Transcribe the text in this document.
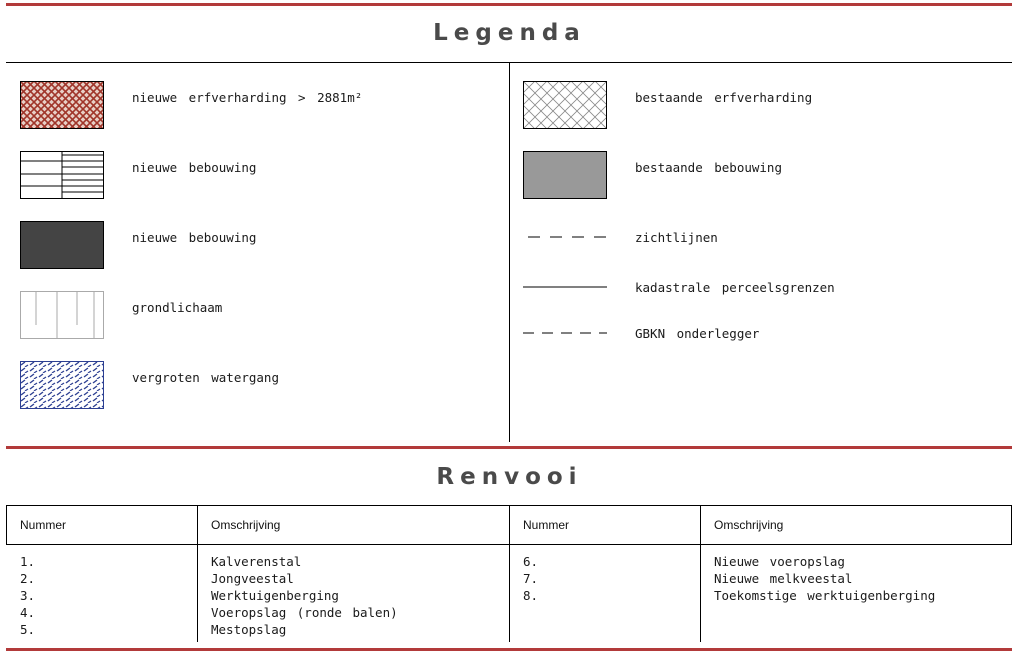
Legenda
nieuwe erfverharding > 2881m²
nieuwe bebouwing
nieuwe bebouwing
grondlichaam
vergroten watergang
bestaande erfverharding
bestaande bebouwing
zichtlijnen
kadastrale perceelsgrenzen
GBKN onderlegger
Renvooi
Nummer	Omschrijving	Nummer	Omschrijving
1.	Kalverenstal
2.	Jongveestal
3.	Werktuigenberging
4.	Voeropslag (ronde balen)
5.	Mestopslag
6.	Nieuwe voeropslag
7.	Nieuwe melkveestal
8.	Toekomstige werktuigenberging
